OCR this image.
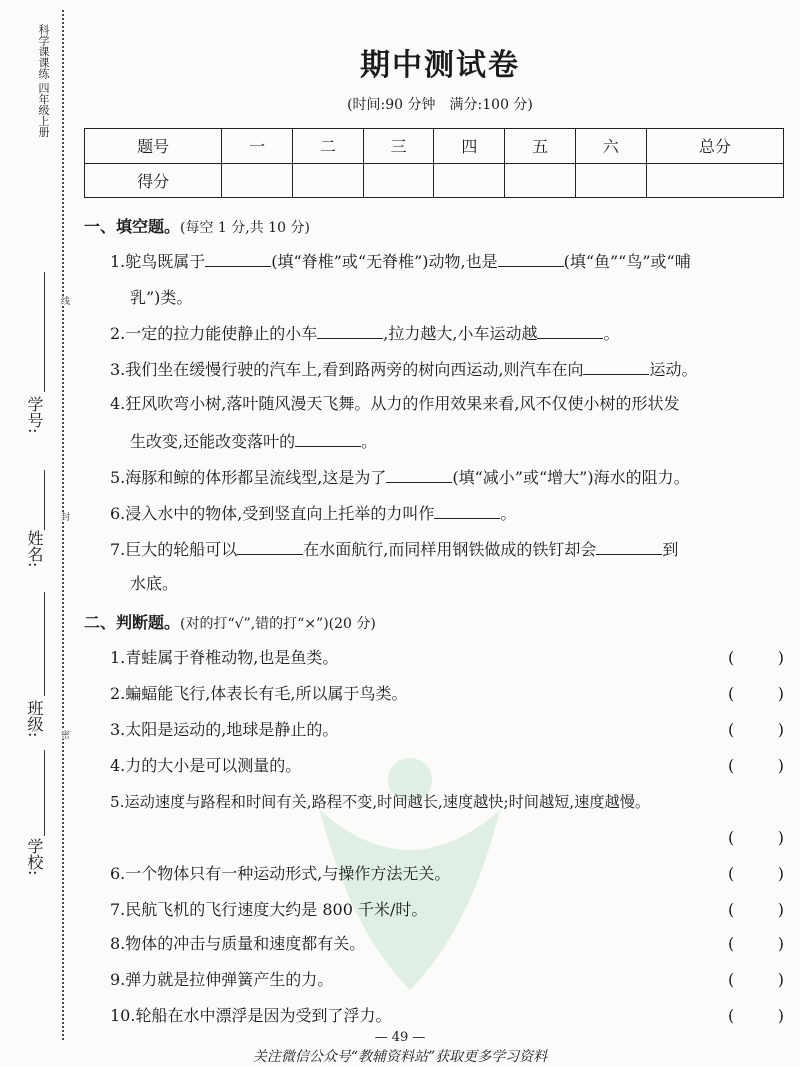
科学课课练 四年级上册
学号:
姓名:
班级:
学校:
线
封
密
期中测试卷
(时间:90 分钟　满分:100 分)
题号	一	二	三	四	五	六	总分
得分							
一、填空题。(每空 1 分,共 10 分)
1.鸵鸟既属于	(填“脊椎”或“无脊椎”)动物,也是	(填“鱼”“鸟”或“哺
乳”)类。
2.一定的拉力能使静止的小车	,拉力越大,小车运动越	。
3.我们坐在缓慢行驶的汽车上,看到路两旁的树向西运动,则汽车在向	运动。
4.狂风吹弯小树,落叶随风漫天飞舞。从力的作用效果来看,风不仅使小树的形状发
生改变,还能改变落叶的	。
5.海豚和鲸的体形都呈流线型,这是为了	(填“减小”或“增大”)海水的阻力。
6.浸入水中的物体,受到竖直向上托举的力叫作	。
7.巨大的轮船可以	在水面航行,而同样用钢铁做成的铁钉却会	到
水底。
二、判断题。(对的打“√”,错的打“×”)(20 分)
1.青蛙属于脊椎动物,也是鱼类。	(	)
2.蝙蝠能飞行,体表长有毛,所以属于鸟类。	(	)
3.太阳是运动的,地球是静止的。	(	)
4.力的大小是可以测量的。	(	)
5.运动速度与路程和时间有关,路程不变,时间越长,速度越快;时间越短,速度越慢。
(	)
6.一个物体只有一种运动形式,与操作方法无关。	(	)
7.民航飞机的飞行速度大约是 800 千米/时。	(	)
8.物体的冲击与质量和速度都有关。	(	)
9.弹力就是拉伸弹簧产生的力。	(	)
10.轮船在水中漂浮是因为受到了浮力。	(	)
— 49 —
关注微信公众号“教辅资料站”获取更多学习资料
